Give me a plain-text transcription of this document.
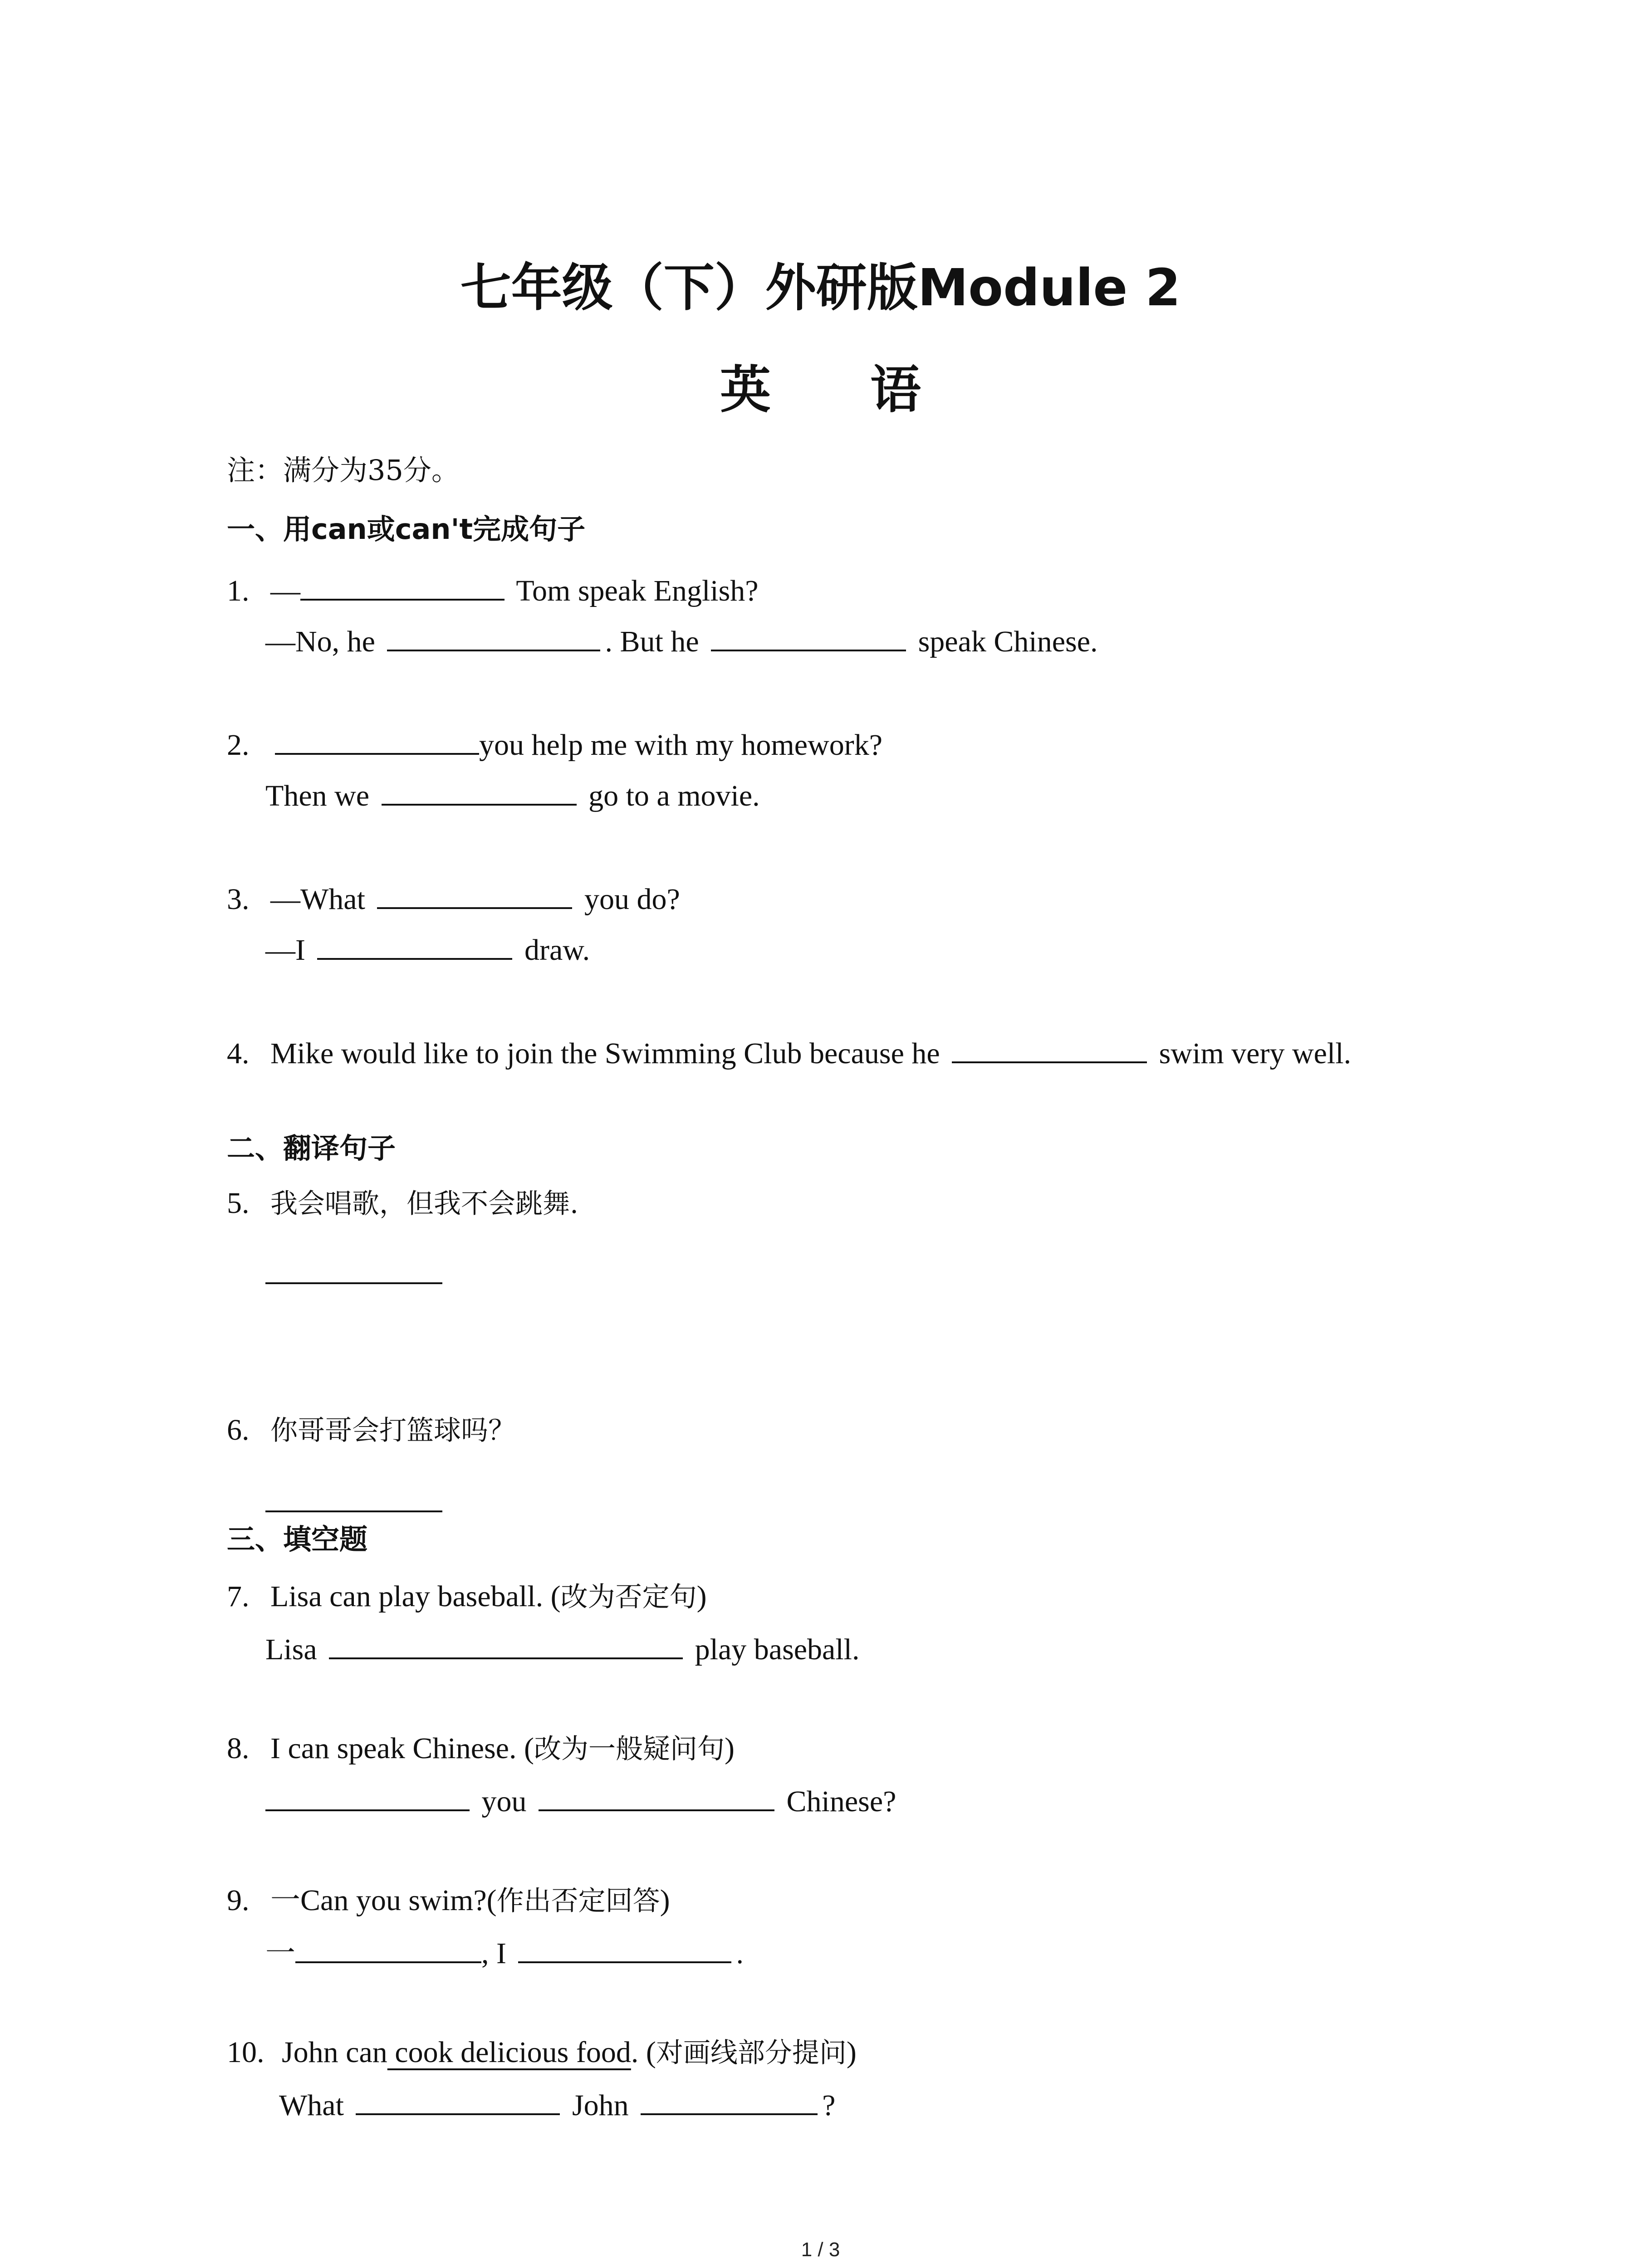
七年级（下）外研版Module 2
英 语
注：满分为35分。
一、用can或can't完成句子
1. —	Tom speak English?
—No, he	. But he	speak Chinese.
2.	you help me with my homework?
Then we	go to a movie.
3. —What	you do?
—I	draw.
4. Mike would like to join the Swimming Club because he	swim very well.
二、翻译句子
5. 我会唱歌，但我不会跳舞.
6. 你哥哥会打篮球吗？
三、填空题
7. Lisa can play baseball. (改为否定句)
Lisa	play baseball.
8. I can speak Chinese. (改为一般疑问句)
you	Chinese?
9. 一Can you swim?(作出否定回答)
一	, I	.
10. John can cook delicious food. (对画线部分提问)
What	John	?
1 / 3
